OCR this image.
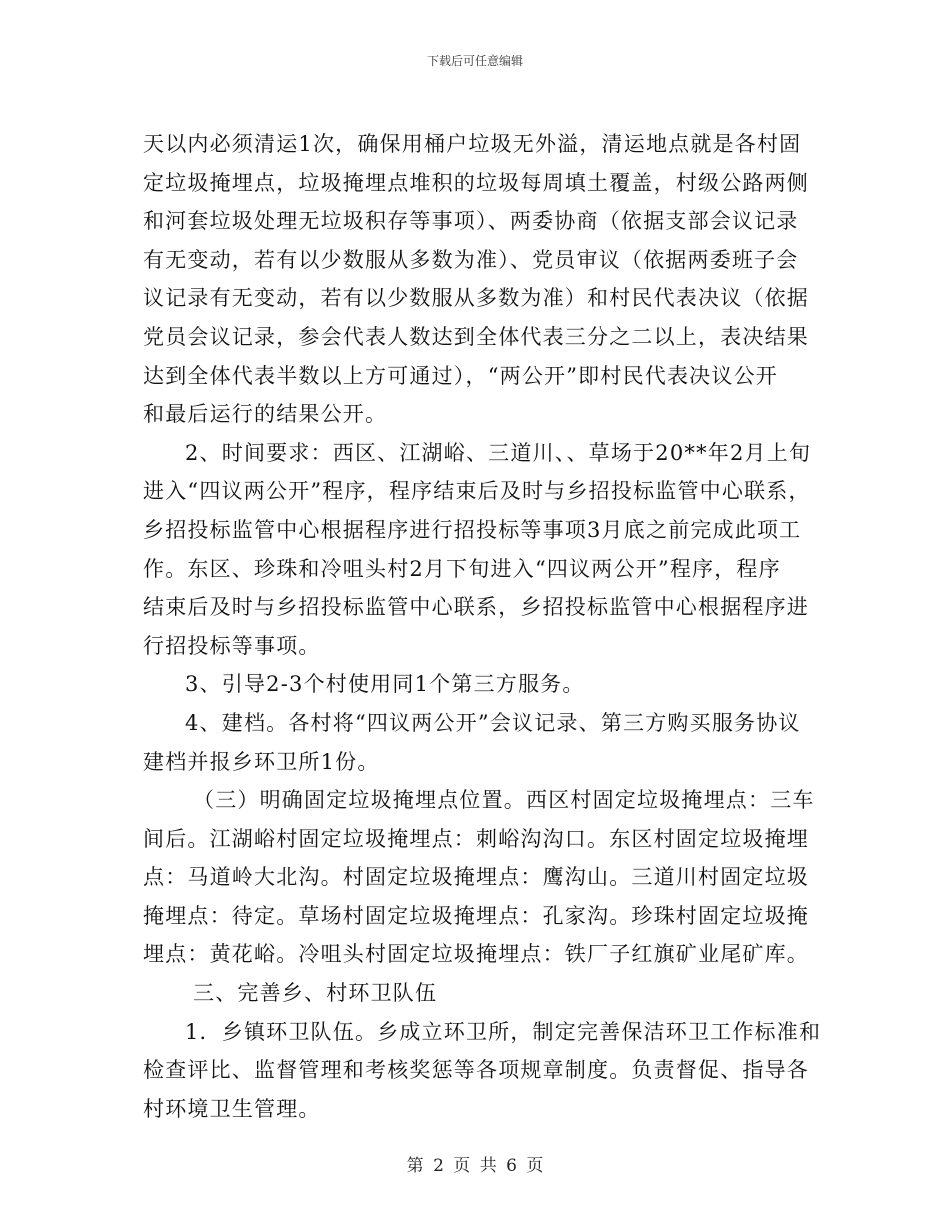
下载后可任意编辑
天以内必须清运1次，确保用桶户垃圾无外溢，清运地点就是各村固
定垃圾掩埋点，垃圾掩埋点堆积的垃圾每周填土覆盖，村级公路两侧
和河套垃圾处理无垃圾积存等事项）、两委协商（依据支部会议记录
有无变动，若有以少数服从多数为准）、党员审议（依据两委班子会
议记录有无变动，若有以少数服从多数为准）和村民代表决议（依据
党员会议记录，参会代表人数达到全体代表三分之二以上，表决结果
达到全体代表半数以上方可通过），“两公开”即村民代表决议公开
和最后运行的结果公开。
2、时间要求：西区、江湖峪、三道川、、草场于20**年2月上旬
进入“四议两公开”程序，程序结束后及时与乡招投标监管中心联系，
乡招投标监管中心根据程序进行招投标等事项3月底之前完成此项工
作。东区、珍珠和冷咀头村2月下旬进入“四议两公开”程序，程序
结束后及时与乡招投标监管中心联系，乡招投标监管中心根据程序进
行招投标等事项。
3、引导2-3个村使用同1个第三方服务。
4、建档。各村将“四议两公开”会议记录、第三方购买服务协议
建档并报乡环卫所1份。
（三）明确固定垃圾掩埋点位置。西区村固定垃圾掩埋点：三车
间后。江湖峪村固定垃圾掩埋点：刺峪沟沟口。东区村固定垃圾掩埋
点：马道岭大北沟。村固定垃圾掩埋点：鹰沟山。三道川村固定垃圾
掩埋点：待定。草场村固定垃圾掩埋点：孔家沟。珍珠村固定垃圾掩
埋点：黄花峪。冷咀头村固定垃圾掩埋点：铁厂子红旗矿业尾矿库。
三、完善乡、村环卫队伍
1．乡镇环卫队伍。乡成立环卫所，制定完善保洁环卫工作标准和
检查评比、监督管理和考核奖惩等各项规章制度。负责督促、指导各
村环境卫生管理。
第 2 页 共 6 页
